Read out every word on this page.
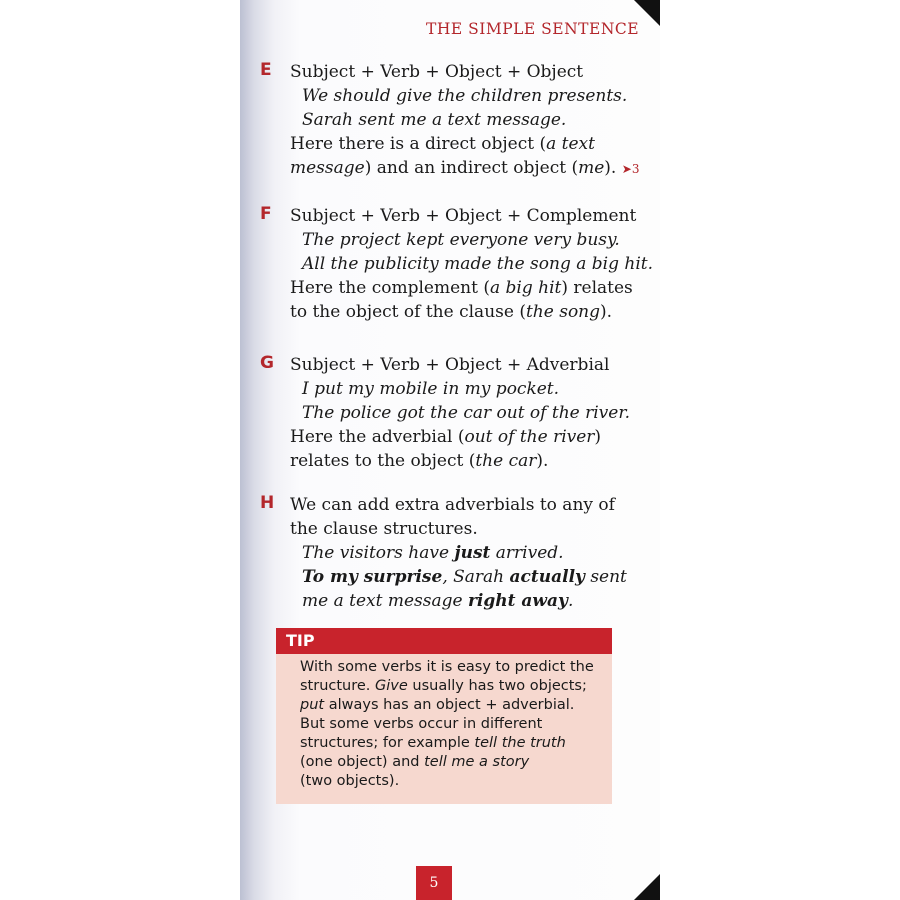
THE SIMPLE SENTENCE
E Subject + Verb + Object + Object
We should give the children presents.
Sarah sent me a text message.
Here there is a direct object (a text
message) and an indirect object (me). ➤3
F Subject + Verb + Object + Complement
The project kept everyone very busy.
All the publicity made the song a big hit.
Here the complement (a big hit) relates
to the object of the clause (the song).
G Subject + Verb + Object + Adverbial
I put my mobile in my pocket.
The police got the car out of the river.
Here the adverbial (out of the river)
relates to the object (the car).
H We can add extra adverbials to any of
the clause structures.
The visitors have just arrived.
To my surprise, Sarah actually sent
me a text message right away.
TIP
With some verbs it is easy to predict the
structure. Give usually has two objects;
put always has an object + adverbial.
But some verbs occur in different
structures; for example tell the truth
(one object) and tell me a story
(two objects).
5
